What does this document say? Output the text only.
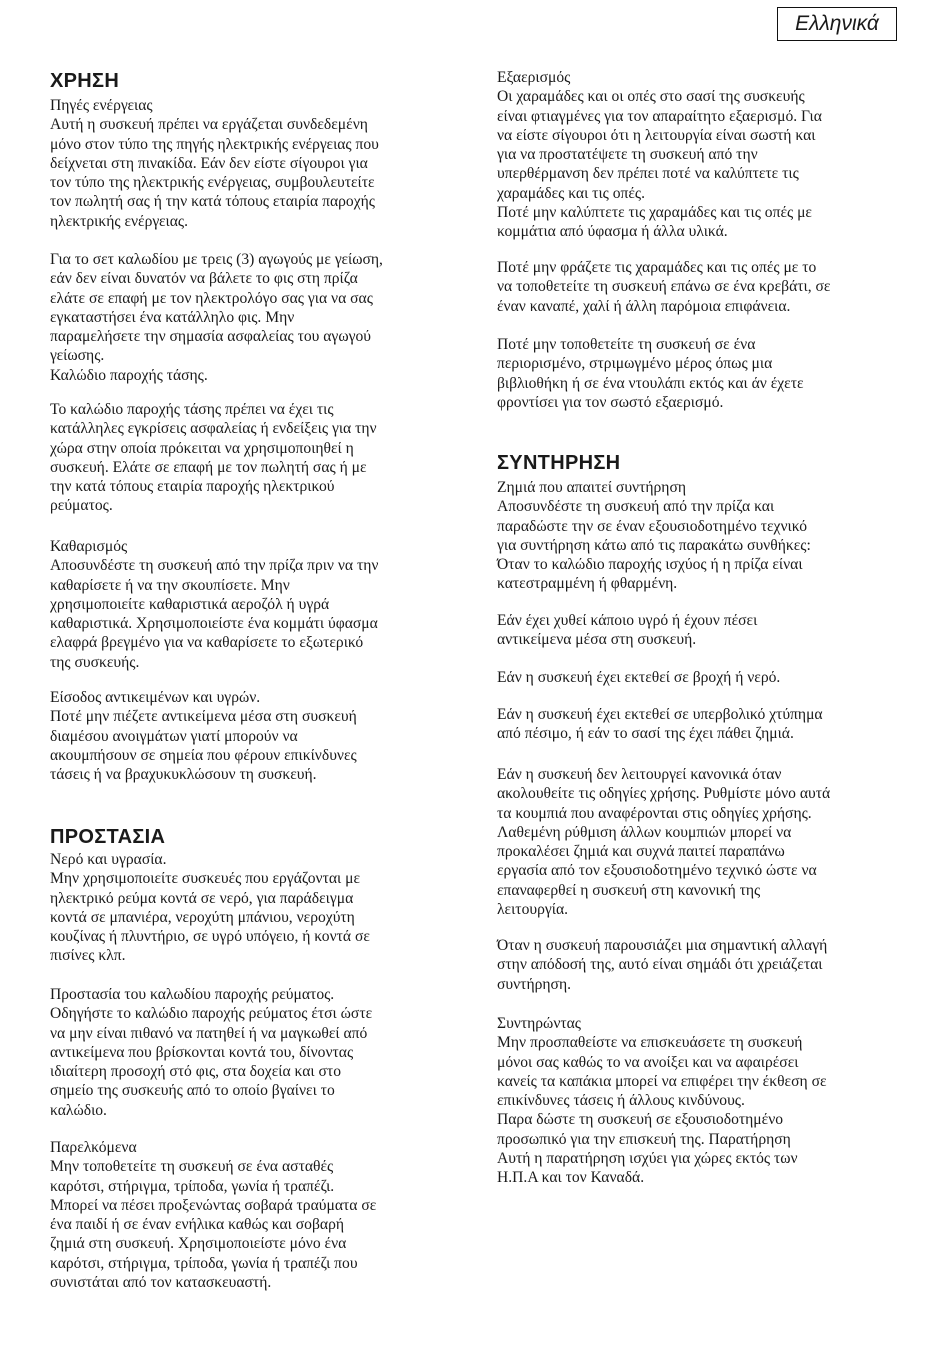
Ελληνικά
ΧΡΗΣΗ
Πηγές ενέργειας
Αυτή η συσκευή πρέπει να εργάζεται συνδεδεμένη
μόνο στον τύπο της πηγής ηλεκτρικής ενέργειας που
δείχνεται στη πινακίδα. Εάν δεν είστε σίγουροι για
τον τύπο της ηλεκτρικής ενέργειας, συμβουλευτείτε
τον πωλητή σας ή την κατά τόπους εταιρία παροχής
ηλεκτρικής ενέργειας.
Για το σετ καλωδίου με τρεις (3) αγωγούς με γείωση,
εάν δεν είναι δυνατόν να βάλετε το φις στη πρίζα
ελάτε σε επαφή με τον ηλεκτρολόγο σας για να σας
εγκαταστήσει ένα κατάλληλο φις. Μην
παραμελήσετε την σημασία ασφαλείας του αγωγού
γείωσης.
Καλώδιο παροχής τάσης.
Το καλώδιο παροχής τάσης πρέπει να έχει τις
κατάλληλες εγκρίσεις ασφαλείας ή ενδείξεις για την
χώρα στην οποία πρόκειται να χρησιμοποιηθεί η
συσκευή. Ελάτε σε επαφή με τον πωλητή σας ή με
την κατά τόπους εταιρία παροχής ηλεκτρικού
ρεύματος.
Καθαρισμός
Αποσυνδέστε τη συσκευή από την πρίζα πριν να την
καθαρίσετε ή να την σκουπίσετε. Μην
χρησιμοποιείτε καθαριστικά αεροζόλ ή υγρά
καθαριστικά. Χρησιμοποιείστε ένα κομμάτι ύφασμα
ελαφρά βρεγμένο για να καθαρίσετε το εξωτερικό
της συσκευής.
Είσοδος αντικειμένων και υγρών.
Ποτέ μην πιέζετε αντικείμενα μέσα στη συσκευή
διαμέσου ανοιγμάτων γιατί μπορούν να
ακουμπήσουν σε σημεία που φέρουν επικίνδυνες
τάσεις ή να βραχυκυκλώσουν τη συσκευή.
ΠΡΟΣΤΑΣΙΑ
Νερό και υγρασία.
Μην χρησιμοποιείτε συσκευές που εργάζονται με
ηλεκτρικό ρεύμα κοντά σε νερό, για παράδειγμα
κοντά σε μπανιέρα, νεροχύτη μπάνιου, νεροχύτη
κουζίνας ή πλυντήριο, σε υγρό υπόγειο, ή κοντά σε
πισίνες κλπ.
Προστασία του καλωδίου παροχής ρεύματος.
Οδηγήστε το καλώδιο παροχής ρεύματος έτσι ώστε
να μην είναι πιθανό να πατηθεί ή να μαγκωθεί από
αντικείμενα που βρίσκονται κοντά του, δίνοντας
ιδιαίτερη προσοχή στό φις, στα δοχεία και στο
σημείο της συσκευής από το οποίο βγαίνει το
καλώδιο.
Παρελκόμενα
Μην τοποθετείτε τη συσκευή σε ένα ασταθές
καρότσι, στήριγμα, τρίποδα, γωνία ή τραπέζι.
Μπορεί να πέσει προξενώντας σοβαρά τραύματα σε
ένα παιδί ή σε έναν ενήλικα καθώς και σοβαρή
ζημιά στη συσκευή. Χρησιμοποιείστε μόνο ένα
καρότσι, στήριγμα, τρίποδα, γωνία ή τραπέζι που
συνιστάται από τον κατασκευαστή.
Εξαερισμός
Οι χαραμάδες και οι οπές στο σασί της συσκευής
είναι φτιαγμένες για τον απαραίτητο εξαερισμό. Για
να είστε σίγουροι ότι η λειτουργία είναι σωστή και
για να προστατέψετε τη συσκευή από την
υπερθέρμανση δεν πρέπει ποτέ να καλύπτετε τις
χαραμάδες και τις οπές.
Ποτέ μην καλύπτετε τις χαραμάδες και τις οπές με
κομμάτια από ύφασμα ή άλλα υλικά.
Ποτέ μην φράζετε τις χαραμάδες και τις οπές με το
να τοποθετείτε τη συσκευή επάνω σε ένα κρεβάτι, σε
έναν καναπέ, χαλί ή άλλη παρόμοια επιφάνεια.
Ποτέ μην τοποθετείτε τη συσκευή σε ένα
περιορισμένο, στριμωγμένο μέρος όπως μια
βιβλιοθήκη ή σε ένα ντουλάπι εκτός και άν έχετε
φροντίσει για τον σωστό εξαερισμό.
ΣΥΝΤΗΡΗΣΗ
Ζημιά που απαιτεί συντήρηση
Αποσυνδέστε τη συσκευή από την πρίζα και
παραδώστε την σε έναν εξουσιοδοτημένο τεχνικό
για συντήρηση κάτω από τις παρακάτω συνθήκες:
Όταν το καλώδιο παροχής ισχύος ή η πρίζα είναι
κατεστραμμένη ή φθαρμένη.
Εάν έχει χυθεί κάποιο υγρό ή έχουν πέσει
αντικείμενα μέσα στη συσκευή.
Εάν η συσκευή έχει εκτεθεί σε βροχή ή νερό.
Εάν η συσκευή έχει εκτεθεί σε υπερβολικό χτύπημα
από πέσιμο, ή εάν το σασί της έχει πάθει ζημιά.
Εάν η συσκευή δεν λειτουργεί κανονικά όταν
ακολουθείτε τις οδηγίες χρήσης. Ρυθμίστε μόνο αυτά
τα κουμπιά που αναφέρονται στις οδηγίες χρήσης.
Λαθεμένη ρύθμιση άλλων κουμπιών μπορεί να
προκαλέσει ζημιά και συχνά παιτεί παραπάνω
εργασία από τον εξουσιοδοτημένο τεχνικό ώστε να
επαναφερθεί η συσκευή στη κανονική της
λειτουργία.
Όταν η συσκευή παρουσιάζει μια σημαντική αλλαγή
στην απόδοσή της, αυτό είναι σημάδι ότι χρειάζεται
συντήρηση.
Συντηρώντας
Μην προσπαθείστε να επισκευάσετε τη συσκευή
μόνοι σας καθώς το να ανοίξει και να αφαιρέσει
κανείς τα καπάκια μπορεί να επιφέρει την έκθεση σε
επικίνδυνες τάσεις ή άλλους κινδύνους.
Παρα δώστε τη συσκευή σε εξουσιοδοτημένο
προσωπικό για την επισκευή της. Παρατήρηση
Αυτή η παρατήρηση ισχύει για χώρες εκτός των
Η.Π.Α και τον Καναδά.
